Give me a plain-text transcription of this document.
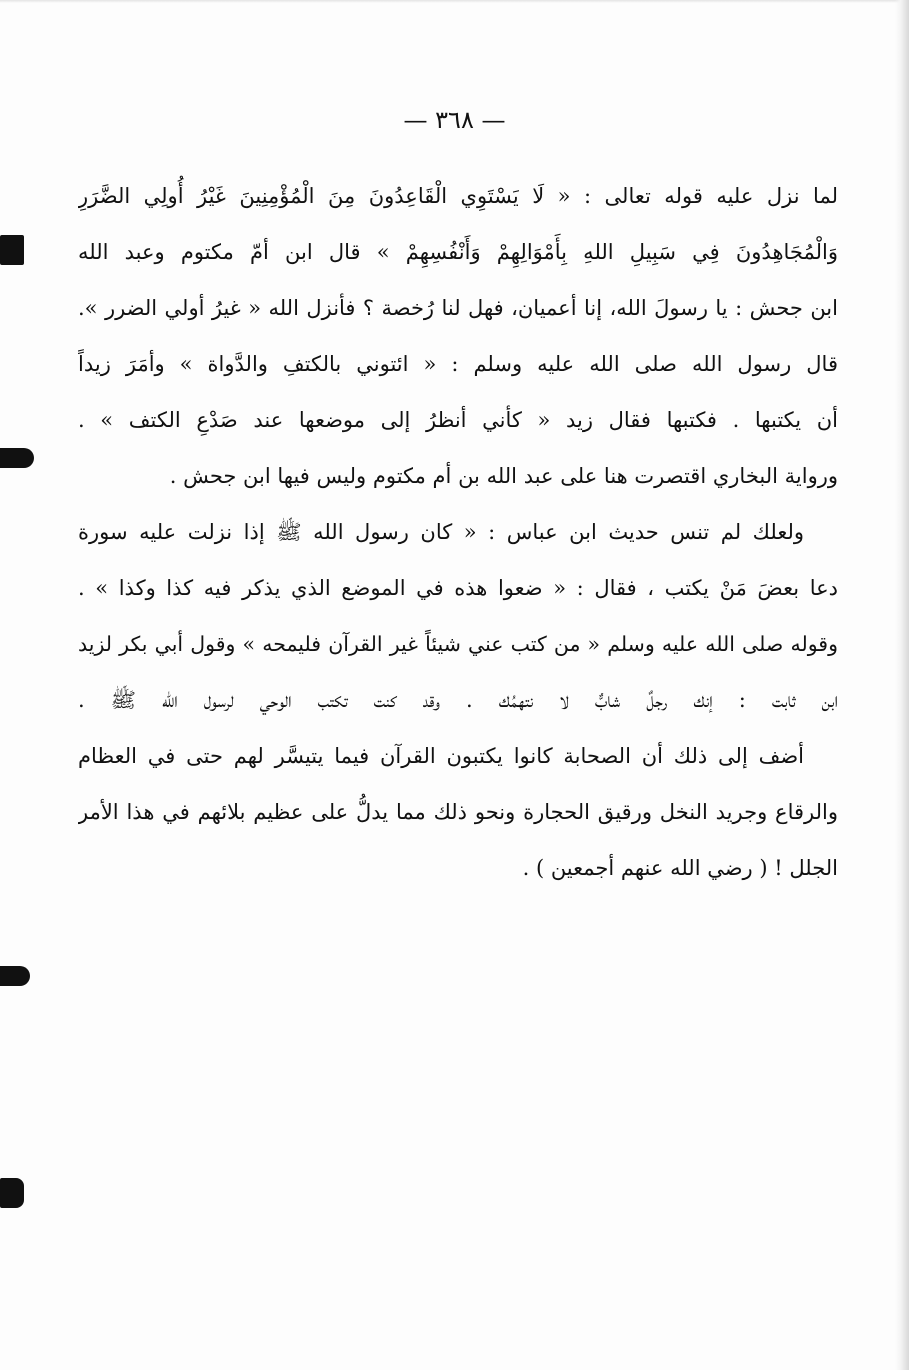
— ٣٦٨ —
لما نزل عليه قوله تعالى : « لَا يَسْتَوِي الْقَاعِدُونَ مِنَ الْمُؤْمِنِينَ غَيْرُ أُولِي الضَّرَرِ
وَالْمُجَاهِدُونَ فِي سَبِيلِ اللهِ بِأَمْوَالِهِمْ وَأَنْفُسِهِمْ » قال ابن أمّ مكتوم وعبد الله
ابن جحش : يا رسولَ الله، إنا أعميان، فهل لنا رُخصة ؟ فأنزل الله « غيرُ أولي الضرر ».
قال رسول الله صلى الله عليه وسلم : « ائتوني بالكتفِ والدَّواة » وأمَرَ زيداً
أن يكتبها . فكتبها فقال زيد « كأني أنظرُ إلى موضعها عند صَدْعِ الكتف » .
ورواية البخاري اقتصرت هنا على عبد الله بن أم مكتوم وليس فيها ابن جحش .
ولعلك لم تنس حديث ابن عباس : « كان رسول الله ﷺ إذا نزلت عليه سورة
دعا بعضَ مَنْ يكتب ، فقال : « ضعوا هذه في الموضع الذي يذكر فيه كذا وكذا » .
وقوله صلى الله عليه وسلم « من كتب عني شيئاً غير القرآن فليمحه » وقول أبي بكر لزيد
ابن ثابت : إنك رجلٌ شابٌّ لا نتهمُك . وقد كنت تكتب الوحي لرسول الله ﷺ .
أضف إلى ذلك أن الصحابة كانوا يكتبون القرآن فيما يتيسَّر لهم حتى في العظام
والرقاع وجريد النخل ورقيق الحجارة ونحو ذلك مما يدلُّ على عظيم بلائهم في هذا الأمر
الجلل ! ( رضي الله عنهم أجمعين ) .
